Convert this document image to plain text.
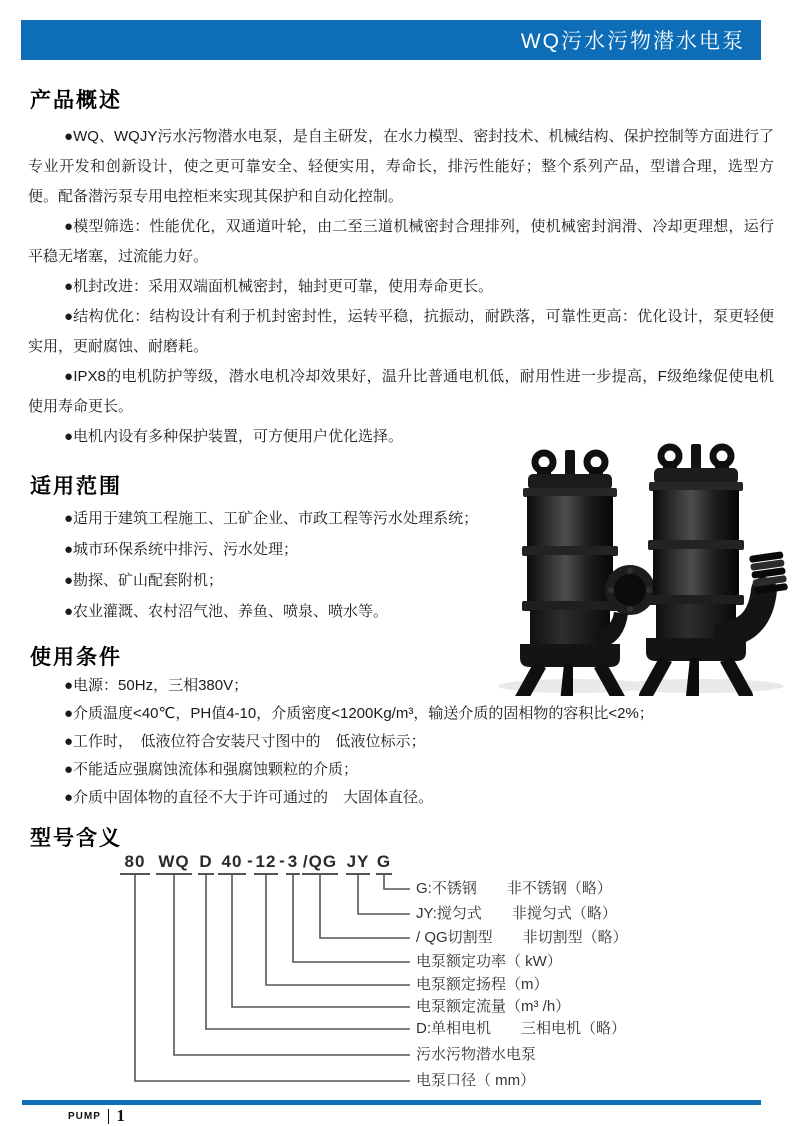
WQ污水污物潜水电泵
产品概述

●WQ、WQJY污水污物潜水电泵，是自主研发，在水力模型、密封技术、机械结构、保护控制等方面进行了专业开发和创新设计，使之更可靠安全、轻便实用，寿命长，排污性能好；整个系列产品，型谱合理，选型方便。配备潜污泵专用电控柜来实现其保护和自动化控制。

●模型筛选：性能优化，双通道叶轮，由二至三道机械密封合理排列，使机械密封润滑、冷却更理想，运行平稳无堵塞，过流能力好。

●机封改进：采用双端面机械密封，轴封更可靠，使用寿命更长。

●结构优化：结构设计有利于机封密封性，运转平稳，抗振动，耐跌落，可靠性更高：优化设计，泵更轻便实用，更耐腐蚀、耐磨耗。

●IPX8的电机防护等级，潜水电机冷却效果好，温升比普通电机低，耐用性进一步提高，F级绝缘促使电机使用寿命更长。

●电机内设有多种保护装置，可方便用户优化选择。

适用范围
●适用于建筑工程施工、工矿企业、市政工程等污水处理系统；
●城市环保系统中排污、污水处理；
●勘探、矿山配套附机；
●农业灌溉、农村沼气池、养鱼、喷泉、喷水等。
使用条件
●电源：50Hz，三相380V；
●介质温度<40℃，PH值4-10，介质密度<1200Kg/m³，输送介质的固相物的容积比<2%；
●工作时，　低液位符合安装尺寸图中的　低液位标示；
●不能适应强腐蚀流体和强腐蚀颗粒的介质；
●介质中固体物的直径不大于许可通过的　大固体直径。
型号含义
80 WQ D 40 - 12 - 3 /QG JY G
G:不锈钢　　非不锈钢（略）
JY:搅匀式　　非搅匀式（略）
/ QG切割型　　非切割型（略）
电泵额定功率（ kW）
电泵额定扬程（m）
电泵额定流量（m³ /h）
D:单相电机　　三相电机（略）
污水污物潜水电泵
电泵口径（ mm）
PUMP 1
